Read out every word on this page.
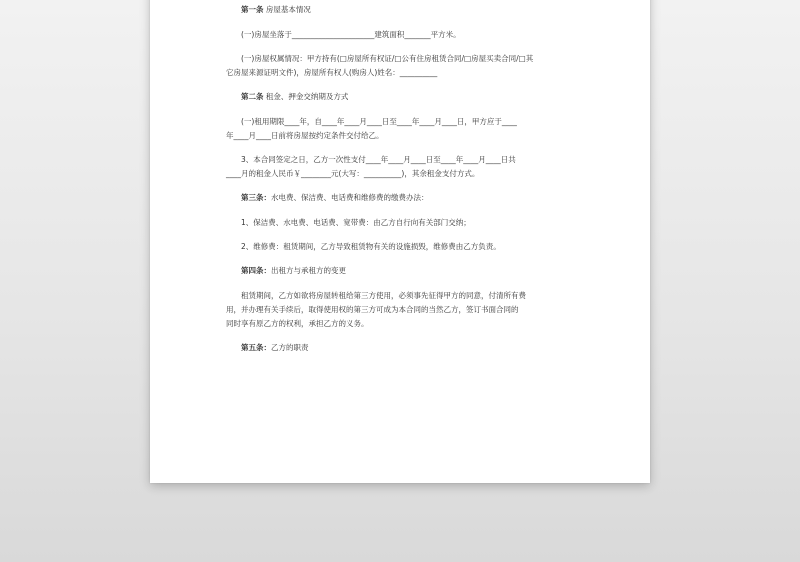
第一条 房屋基本情况
(一)房屋坐落于______________________建筑面积_______平方米。
(一)房屋权属情况：甲方持有(□房屋所有权证/□公有住房租赁合同/□房屋买卖合同/□其
它房屋来源证明文件)，房屋所有权人(购房人)姓名：__________
第二条 租金、押金交纳期及方式
(一)租用期限____年，自____年____月____日至____年____月____日，甲方应于____
年____月____日前将房屋按约定条件交付给乙。
3、本合同签定之日，乙方一次性支付____年____月____日至____年____月____日共
____月的租金人民币￥________元(大写：__________)，其余租金支付方式。
第三条：水电费、保洁费、电话费和维修费的缴费办法：
1、保洁费、水电费、电话费、宽带费：由乙方自行向有关部门交纳；
2、维修费：租赁期间，乙方导致租赁物有关的设施损毁，维修费由乙方负责。
第四条：出租方与承租方的变更
租赁期间，乙方如欲将房屋转租给第三方使用，必须事先征得甲方的同意，付清所有费
用，并办理有关手续后，取得使用权的第三方可成为本合同的当然乙方，签订书面合同的
同时享有原乙方的权利，承担乙方的义务。
第五条：乙方的职责
